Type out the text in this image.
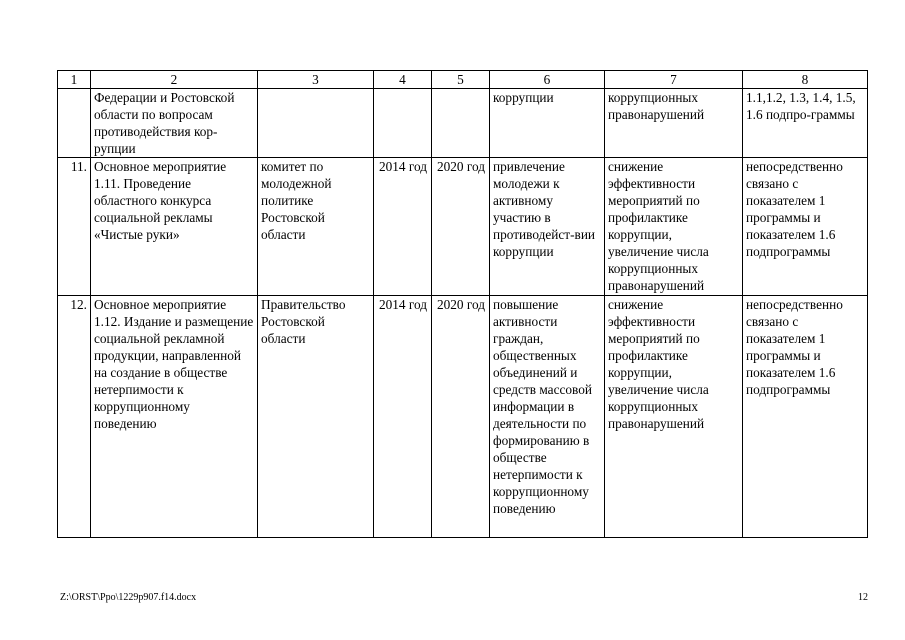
1	2	3	4	5	6	7	8
	Федерации и Ростовской области по вопросам противодействия кор-рупции				коррупции	коррупционных правонарушений	1.1,1.2, 1.3, 1.4, 1.5, 1.6 подпро-граммы
11.	Основное мероприятие 1.11. Проведение областного конкурса социальной рекламы «Чистые руки»	комитет по молодежной политике Ростовской области	2014 год	2020 год	привлечение молодежи к активному участию в противодейст-вии коррупции	снижение эффективности мероприятий по профилактике коррупции, увеличение числа коррупционных правонарушений	непосредственно связано с показателем 1 программы и показателем 1.6 подпрограммы
12.	Основное мероприятие 1.12. Издание и размещение социальной рекламной продукции, направленной на создание в обществе нетерпимости к коррупционному поведению	Правительство Ростовской области	2014 год	2020 год	повышение активности граждан, общественных объединений и средств массовой информации в деятельности по формированию в обществе нетерпимости к коррупционному поведению	снижение эффективности мероприятий по профилактике коррупции, увеличение числа коррупционных правонарушений	непосредственно связано с показателем 1 программы и показателем 1.6 подпрограммы
Z:\ORST\Ppo\1229p907.f14.docx	12
